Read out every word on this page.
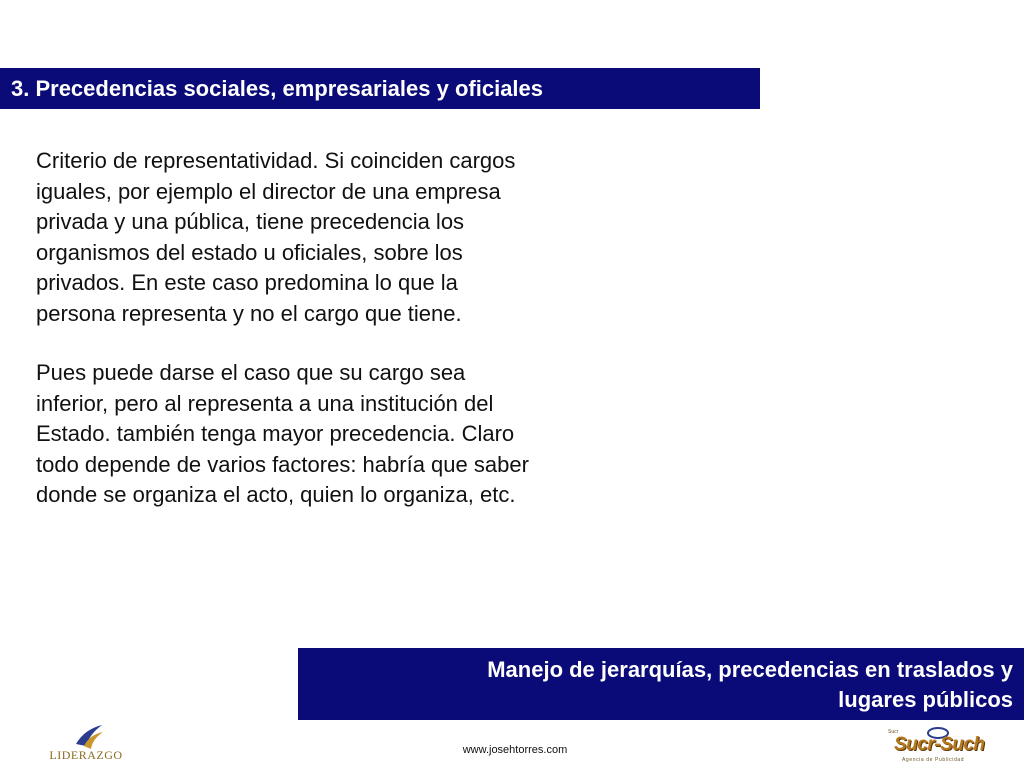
3. Precedencias sociales, empresariales y oficiales

Criterio de representatividad. Si coinciden cargos iguales, por ejemplo el director de una empresa privada y una pública, tiene precedencia los organismos del estado u oficiales, sobre los privados. En este caso predomina lo que la persona representa y no el cargo que tiene.

Pues puede darse el caso que su cargo sea inferior, pero al representa a una institución del Estado. también tenga mayor precedencia. Claro todo depende de varios factores: habría que saber donde se organiza el acto, quien lo organiza, etc.

Manejo de jerarquías, precedencias en traslados y
lugares públicos
www.josehtorres.com
LIDERAZGO
Sucr
Sucr-Such
Agencia de Publicidad
